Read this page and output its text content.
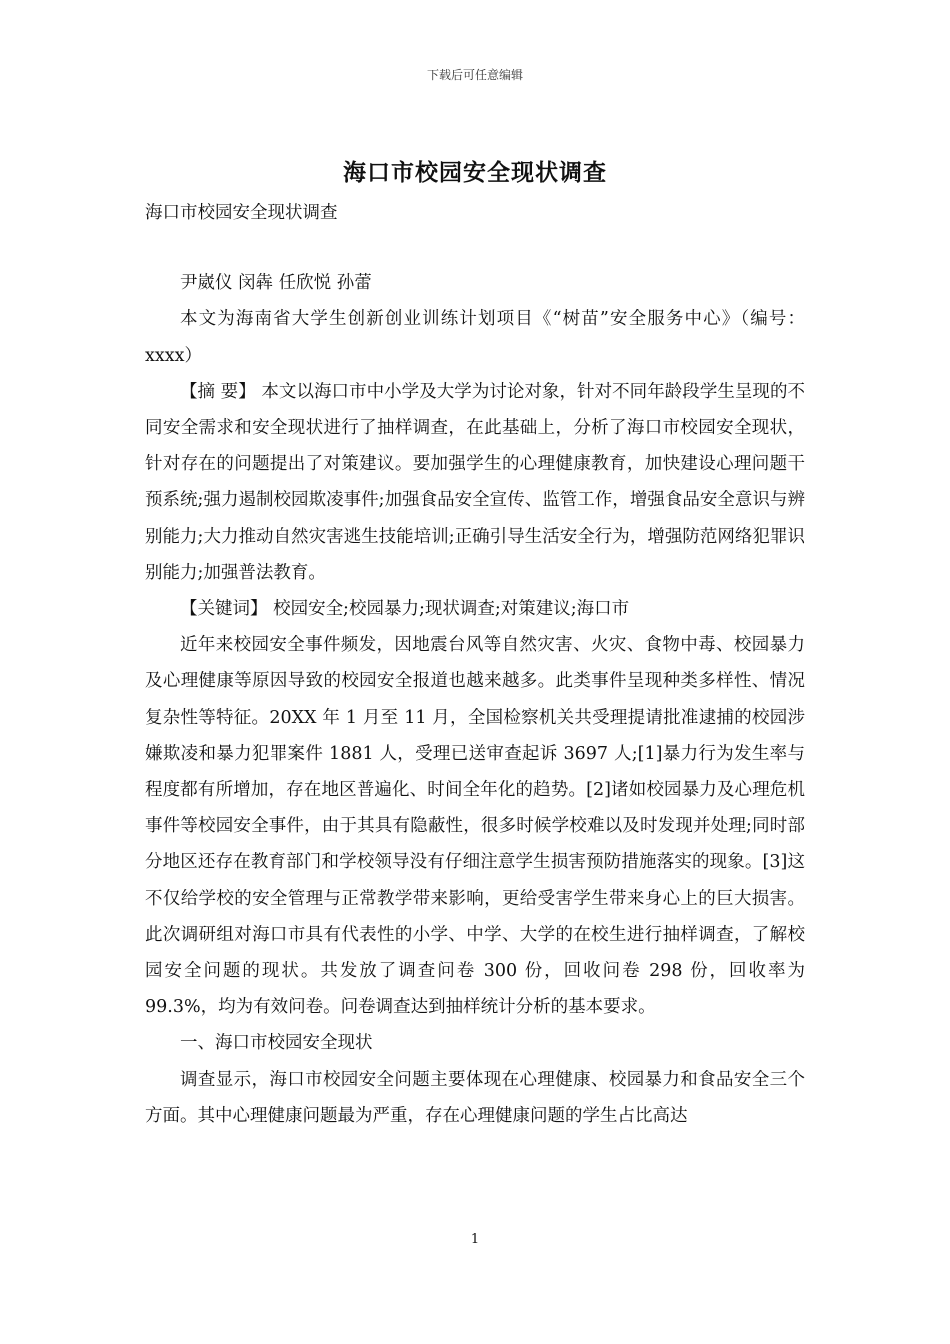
下载后可任意编辑
海口市校园安全现状调查

海口市校园安全现状调查

尹崴仪 闵犇 任欣悦 孙蕾

本文为海南省大学生创新创业训练计划项目《“树苗”安全服务中心》（编号：xxxx）

【摘 要】 本文以海口市中小学及大学为讨论对象，针对不同年龄段学生呈现的不同安全需求和安全现状进行了抽样调查，在此基础上，分析了海口市校园安全现状，针对存在的问题提出了对策建议。要加强学生的心理健康教育，加快建设心理问题干预系统;强力遏制校园欺凌事件;加强食品安全宣传、监管工作，增强食品安全意识与辨别能力;大力推动自然灾害逃生技能培训;正确引导生活安全行为，增强防范网络犯罪识别能力;加强普法教育。

【关键词】 校园安全;校园暴力;现状调查;对策建议;海口市

近年来校园安全事件频发，因地震台风等自然灾害、火灾、食物中毒、校园暴力及心理健康等原因导致的校园安全报道也越来越多。此类事件呈现种类多样性、情况复杂性等特征。20XX 年 1 月至 11 月，全国检察机关共受理提请批准逮捕的校园涉嫌欺凌和暴力犯罪案件 1881 人，受理已送审查起诉 3697 人;[1]暴力行为发生率与程度都有所增加，存在地区普遍化、时间全年化的趋势。[2]诸如校园暴力及心理危机事件等校园安全事件，由于其具有隐蔽性，很多时候学校难以及时发现并处理;同时部分地区还存在教育部门和学校领导没有仔细注意学生损害预防措施落实的现象。[3]这不仅给学校的安全管理与正常教学带来影响，更给受害学生带来身心上的巨大损害。此次调研组对海口市具有代表性的小学、中学、大学的在校生进行抽样调查，了解校园安全问题的现状。共发放了调查问卷 300 份，回收问卷 298 份，回收率为 99.3%，均为有效问卷。问卷调查达到抽样统计分析的基本要求。

一、海口市校园安全现状

调查显示，海口市校园安全问题主要体现在心理健康、校园暴力和食品安全三个方面。其中心理健康问题最为严重，存在心理健康问题的学生占比高达

1
